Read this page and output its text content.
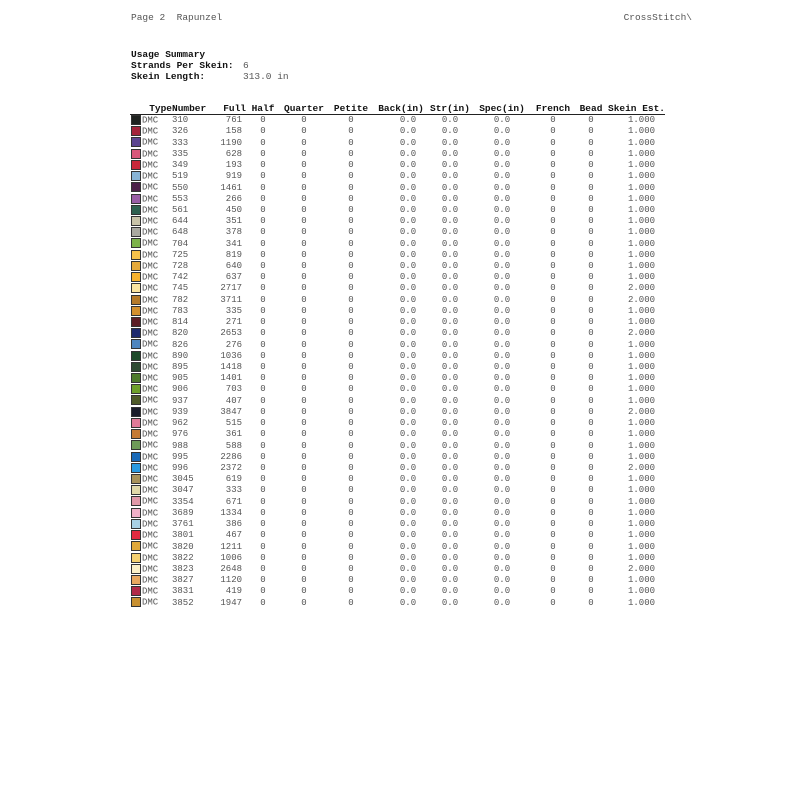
Page 2 Rapunzel	CrossStitch\
Usage Summary
Strands Per Skein: 6
Skein Length:	313.0 in
Type	Number	Full	Half	Quarter	Petite	Back(in)	Str(in)	Spec(in)	French	Bead	Skein Est.
DMC	310	761	0	0	0	0.0	0.0	0.0	0	0	1.000
DMC	326	158	0	0	0	0.0	0.0	0.0	0	0	1.000
DMC	333	1190	0	0	0	0.0	0.0	0.0	0	0	1.000
DMC	335	628	0	0	0	0.0	0.0	0.0	0	0	1.000
DMC	349	193	0	0	0	0.0	0.0	0.0	0	0	1.000
DMC	519	919	0	0	0	0.0	0.0	0.0	0	0	1.000
DMC	550	1461	0	0	0	0.0	0.0	0.0	0	0	1.000
DMC	553	266	0	0	0	0.0	0.0	0.0	0	0	1.000
DMC	561	450	0	0	0	0.0	0.0	0.0	0	0	1.000
DMC	644	351	0	0	0	0.0	0.0	0.0	0	0	1.000
DMC	648	378	0	0	0	0.0	0.0	0.0	0	0	1.000
DMC	704	341	0	0	0	0.0	0.0	0.0	0	0	1.000
DMC	725	819	0	0	0	0.0	0.0	0.0	0	0	1.000
DMC	728	640	0	0	0	0.0	0.0	0.0	0	0	1.000
DMC	742	637	0	0	0	0.0	0.0	0.0	0	0	1.000
DMC	745	2717	0	0	0	0.0	0.0	0.0	0	0	2.000
DMC	782	3711	0	0	0	0.0	0.0	0.0	0	0	2.000
DMC	783	335	0	0	0	0.0	0.0	0.0	0	0	1.000
DMC	814	271	0	0	0	0.0	0.0	0.0	0	0	1.000
DMC	820	2653	0	0	0	0.0	0.0	0.0	0	0	2.000
DMC	826	276	0	0	0	0.0	0.0	0.0	0	0	1.000
DMC	890	1036	0	0	0	0.0	0.0	0.0	0	0	1.000
DMC	895	1418	0	0	0	0.0	0.0	0.0	0	0	1.000
DMC	905	1401	0	0	0	0.0	0.0	0.0	0	0	1.000
DMC	906	703	0	0	0	0.0	0.0	0.0	0	0	1.000
DMC	937	407	0	0	0	0.0	0.0	0.0	0	0	1.000
DMC	939	3847	0	0	0	0.0	0.0	0.0	0	0	2.000
DMC	962	515	0	0	0	0.0	0.0	0.0	0	0	1.000
DMC	976	361	0	0	0	0.0	0.0	0.0	0	0	1.000
DMC	988	588	0	0	0	0.0	0.0	0.0	0	0	1.000
DMC	995	2286	0	0	0	0.0	0.0	0.0	0	0	1.000
DMC	996	2372	0	0	0	0.0	0.0	0.0	0	0	2.000
DMC	3045	619	0	0	0	0.0	0.0	0.0	0	0	1.000
DMC	3047	333	0	0	0	0.0	0.0	0.0	0	0	1.000
DMC	3354	671	0	0	0	0.0	0.0	0.0	0	0	1.000
DMC	3689	1334	0	0	0	0.0	0.0	0.0	0	0	1.000
DMC	3761	386	0	0	0	0.0	0.0	0.0	0	0	1.000
DMC	3801	467	0	0	0	0.0	0.0	0.0	0	0	1.000
DMC	3820	1211	0	0	0	0.0	0.0	0.0	0	0	1.000
DMC	3822	1006	0	0	0	0.0	0.0	0.0	0	0	1.000
DMC	3823	2648	0	0	0	0.0	0.0	0.0	0	0	2.000
DMC	3827	1120	0	0	0	0.0	0.0	0.0	0	0	1.000
DMC	3831	419	0	0	0	0.0	0.0	0.0	0	0	1.000
DMC	3852	1947	0	0	0	0.0	0.0	0.0	0	0	1.000
